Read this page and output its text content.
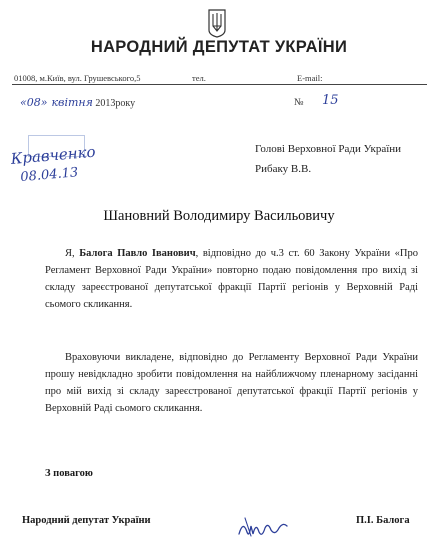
НАРОДНИЙ ДЕПУТАТ УКРАЇНИ
01008, м.Київ, вул. Грушевського,5	тел.	E-mail:
«08» квітня 2013року	№ 15
Кравченко
08.04.13
Голові Верховної Ради України
Рибаку В.В.
Шановний Володимиру Васильовичу
Я, Балога Павло Іванович, відповідно до ч.3 ст. 60 Закону України «Про Регламент Верховної Ради України» повторно подаю повідомлення про вихід зі складу зареєстрованої депутатської фракції Партії регіонів у Верховній Раді сьомого скликання.
Враховуючи викладене, відповідно до Регламенту Верховної Ради України прошу невідкладно зробити повідомлення на найближчому пленарному засіданні про мій вихід зі складу зареєстрованої депутатської фракції Партії регіонів у Верховній Раді сьомого скликання.
З повагою
Народний депутат України	П.І. Балога
